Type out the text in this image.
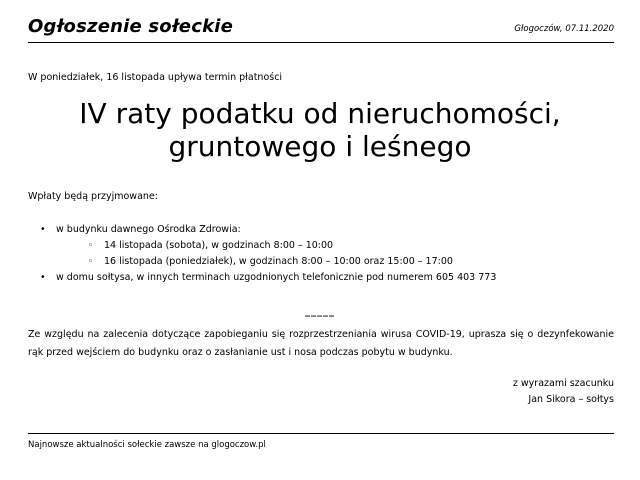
Ogłoszenie sołeckie	Głogoczów, 07.11.2020
W poniedziałek, 16 listopada upływa termin płatności
IV raty podatku od nieruchomości,
gruntowego i leśnego
Wpłaty będą przyjmowane:
• w budynku dawnego Ośrodka Zdrowia:
◦ 14 listopada (sobota), w godzinach 8:00 – 10:00
◦ 16 listopada (poniedziałek), w godzinach 8:00 – 10:00 oraz 15:00 – 17:00
• w domu sołtysa, w innych terminach uzgodnionych telefonicznie pod numerem 605 403 773
_____
Ze względu na zalecenia dotyczące zapobieganiu się rozprzestrzeniania wirusa COVID-19, uprasza się o dezynfekowanie rąk przed wejściem do budynku oraz o zasłanianie ust i nosa podczas pobytu w budynku.
z wyrazami szacunku
Jan Sikora – sołtys
Najnowsze aktualności sołeckie zawsze na glogoczow.pl
